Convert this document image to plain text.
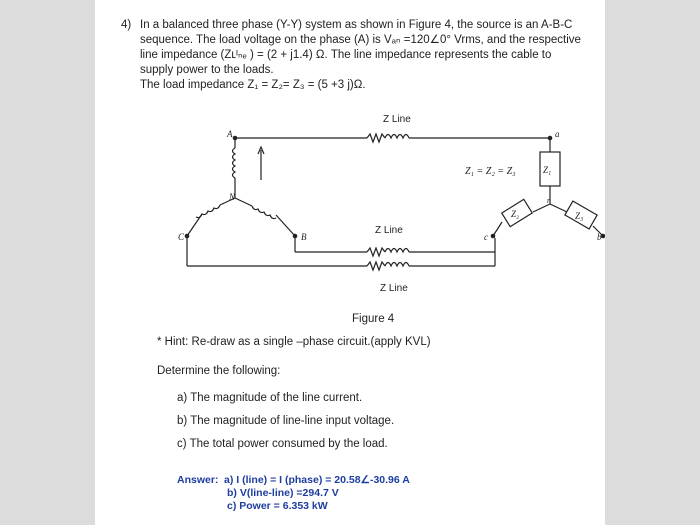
4) In a balanced three phase (Y-Y) system as shown in Figure 4, the source is an A-B-C
sequence. The load voltage on the phase (A) is Vₐₙ =120∠0° Vrms, and the respective
line impedance (Zʟᴵₙₑ ) = (2 + j1.4) Ω. The line impedance represents the cable to
supply power to the loads.
The load impedance Z₁ = Z₂= Z₃ = (5 +3 j)Ω.
A
B
C
N
a
b
c
n
Z Line
Z Line
Z Line
Z₁ = Z₂ = Z₃	Z₁
Z₂	Z₃
Figure 4
* Hint: Re-draw as a single –phase circuit.(apply KVL)
Determine the following:
a) The magnitude of the line current.
b) The magnitude of line-line input voltage.
c) The total power consumed by the load.
Answer: a) I (line) = I (phase) = 20.58∠-30.96 A
b) V(line-line) =294.7 V
c) Power = 6.353 kW
